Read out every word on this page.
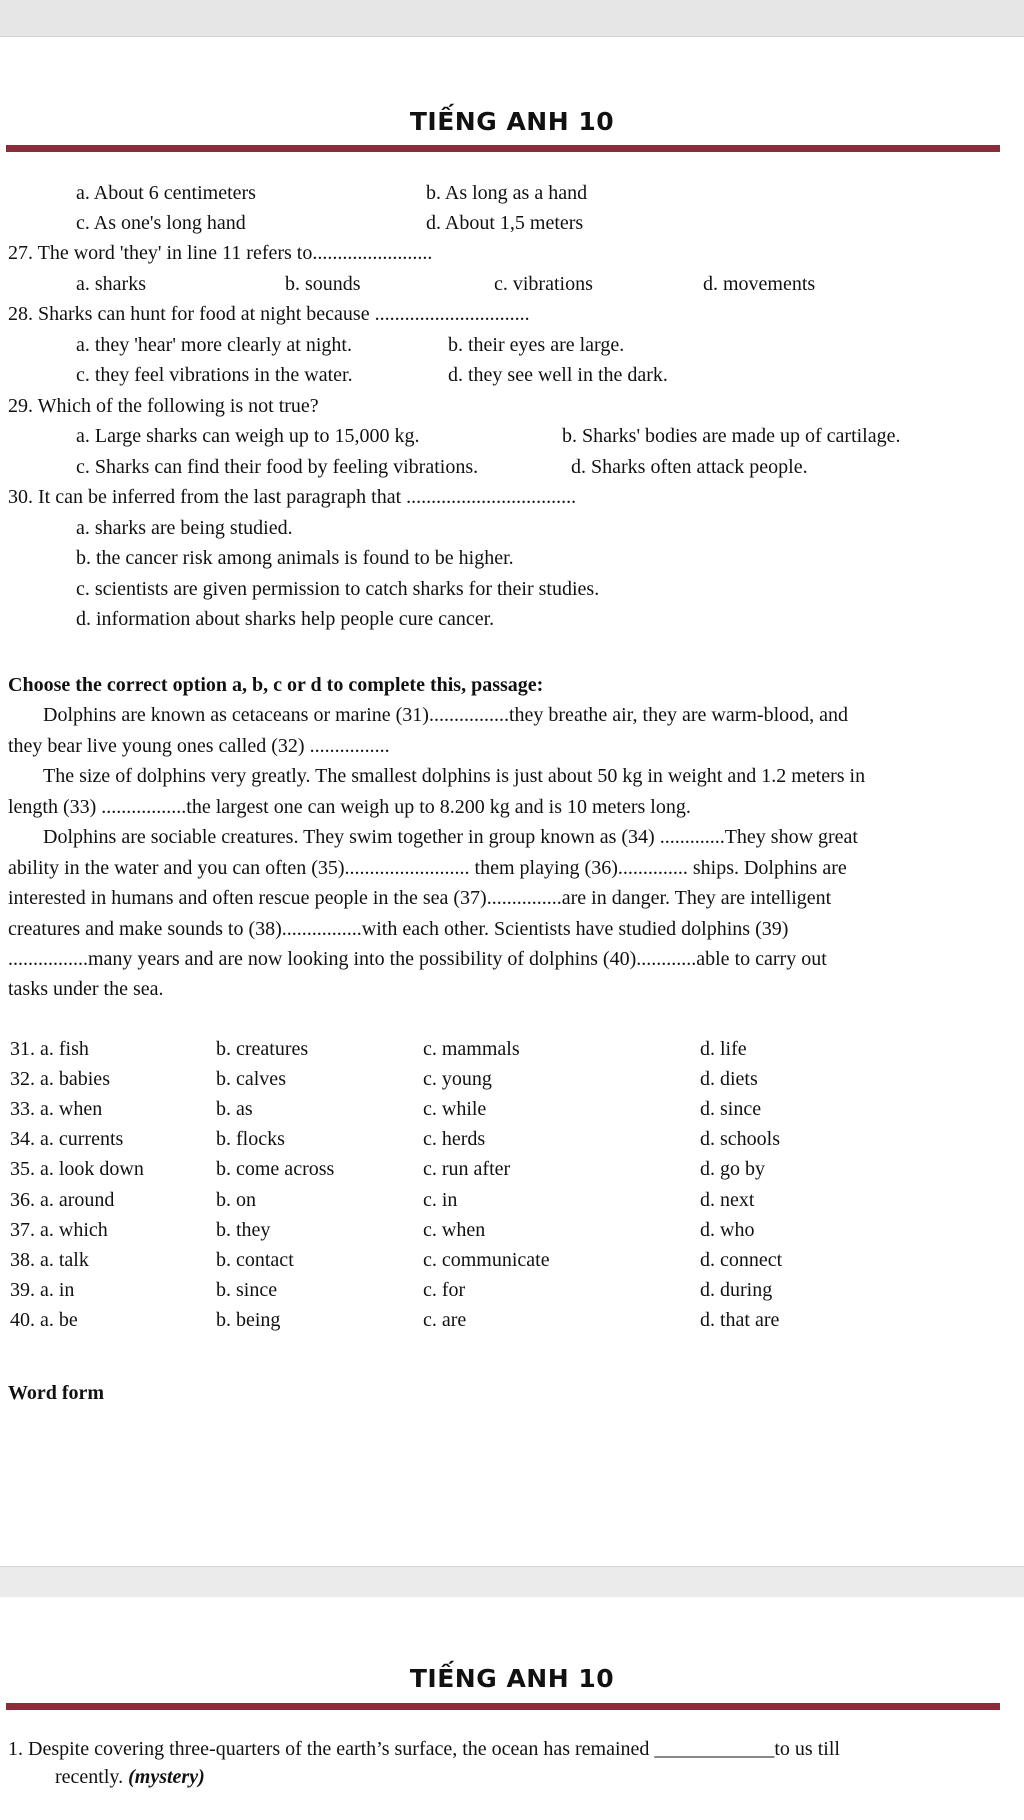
TIẾNG ANH 10
a. About 6 centimeters	b. As long as a hand
c. As one's long hand	d. About 1,5 meters
27. The word 'they' in line 11 refers to........................
a. sharks	b. sounds	c. vibrations	d. movements
28. Sharks can hunt for food at night because ...............................
a. they 'hear' more clearly at night.	b. their eyes are large.
c. they feel vibrations in the water.	d. they see well in the dark.
29. Which of the following is not true?
a. Large sharks can weigh up to 15,000 kg.	b. Sharks' bodies are made up of cartilage.
c. Sharks can find their food by feeling vibrations.	d. Sharks often attack people.
30. It can be inferred from the last paragraph that ..................................
a. sharks are being studied.
b. the cancer risk among animals is found to be higher.
c. scientists are given permission to catch sharks for their studies.
d. information about sharks help people cure cancer.
Choose the correct option a, b, c or d to complete this, passage:
Dolphins are known as cetaceans or marine (31)................they breathe air, they are warm-blood, and
they bear live young ones called (32) ................
The size of dolphins very greatly. The smallest dolphins is just about 50 kg in weight and 1.2 meters in
length (33) .................the largest one can weigh up to 8.200 kg and is 10 meters long.
Dolphins are sociable creatures. They swim together in group known as (34) .............They show great
ability in the water and you can often (35)......................... them playing (36).............. ships. Dolphins are
interested in humans and often rescue people in the sea (37)...............are in danger. They are intelligent
creatures and make sounds to (38)................with each other. Scientists have studied dolphins (39)
................many years and are now looking into the possibility of dolphins (40)............able to carry out
tasks under the sea.
31. a. fish	b. creatures	c. mammals	d. life
32. a. babies	b. calves	c. young	d. diets
33. a. when	b. as	c. while	d. since
34. a. currents	b. flocks	c. herds	d. schools
35. a. look down	b. come across	c. run after	d. go by
36. a. around	b. on	c. in	d. next
37. a. which	b. they	c. when	d. who
38. a. talk	b. contact	c. communicate	d. connect
39. a. in	b. since	c. for	d. during
40. a. be	b. being	c. are	d. that are
Word form
TIẾNG ANH 10
1. Despite covering three-quarters of the earth’s surface, the ocean has remained ____________to us till
recently. (mystery)
